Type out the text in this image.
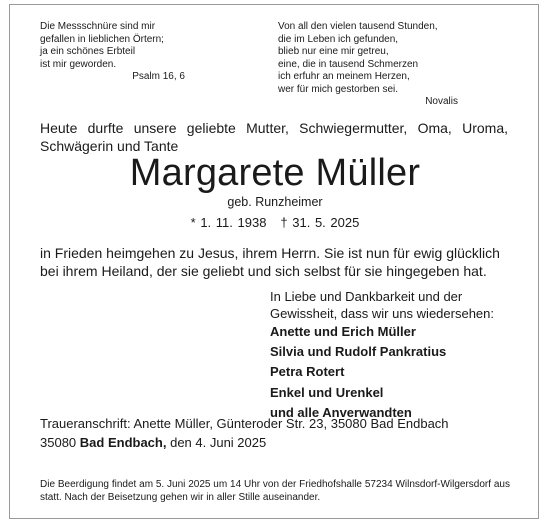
Die Messschnüre sind mir
gefallen in lieblichen Örtern;
ja ein schönes Erbteil
ist mir geworden.
Psalm 16, 6
Von all den vielen tausend Stunden,
die im Leben ich gefunden,
blieb nur eine mir getreu,
eine, die in tausend Schmerzen
ich erfuhr an meinem Herzen,
wer für mich gestorben sei.
Novalis
Heute durfte unsere geliebte Mutter, Schwiegermutter, Oma, Uroma, Schwägerin und Tante
Margarete Müller
geb. Runzheimer
* 1. 11. 1938 † 31. 5. 2025
in Frieden heimgehen zu Jesus, ihrem Herrn. Sie ist nun für ewig glücklich
bei ihrem Heiland, der sie geliebt und sich selbst für sie hingegeben hat.
In Liebe und Dankbarkeit und der
Gewissheit, dass wir uns wiedersehen:
Anette und Erich Müller
Silvia und Rudolf Pankratius
Petra Rotert
Enkel und Urenkel
und alle Anverwandten
Traueranschrift: Anette Müller, Günteroder Str. 23, 35080 Bad Endbach
35080 Bad Endbach, den 4. Juni 2025
Die Beerdigung findet am 5. Juni 2025 um 14 Uhr von der Friedhofshalle 57234 Wilnsdorf-Wilgersdorf aus statt. Nach der Beisetzung gehen wir in aller Stille auseinander.
